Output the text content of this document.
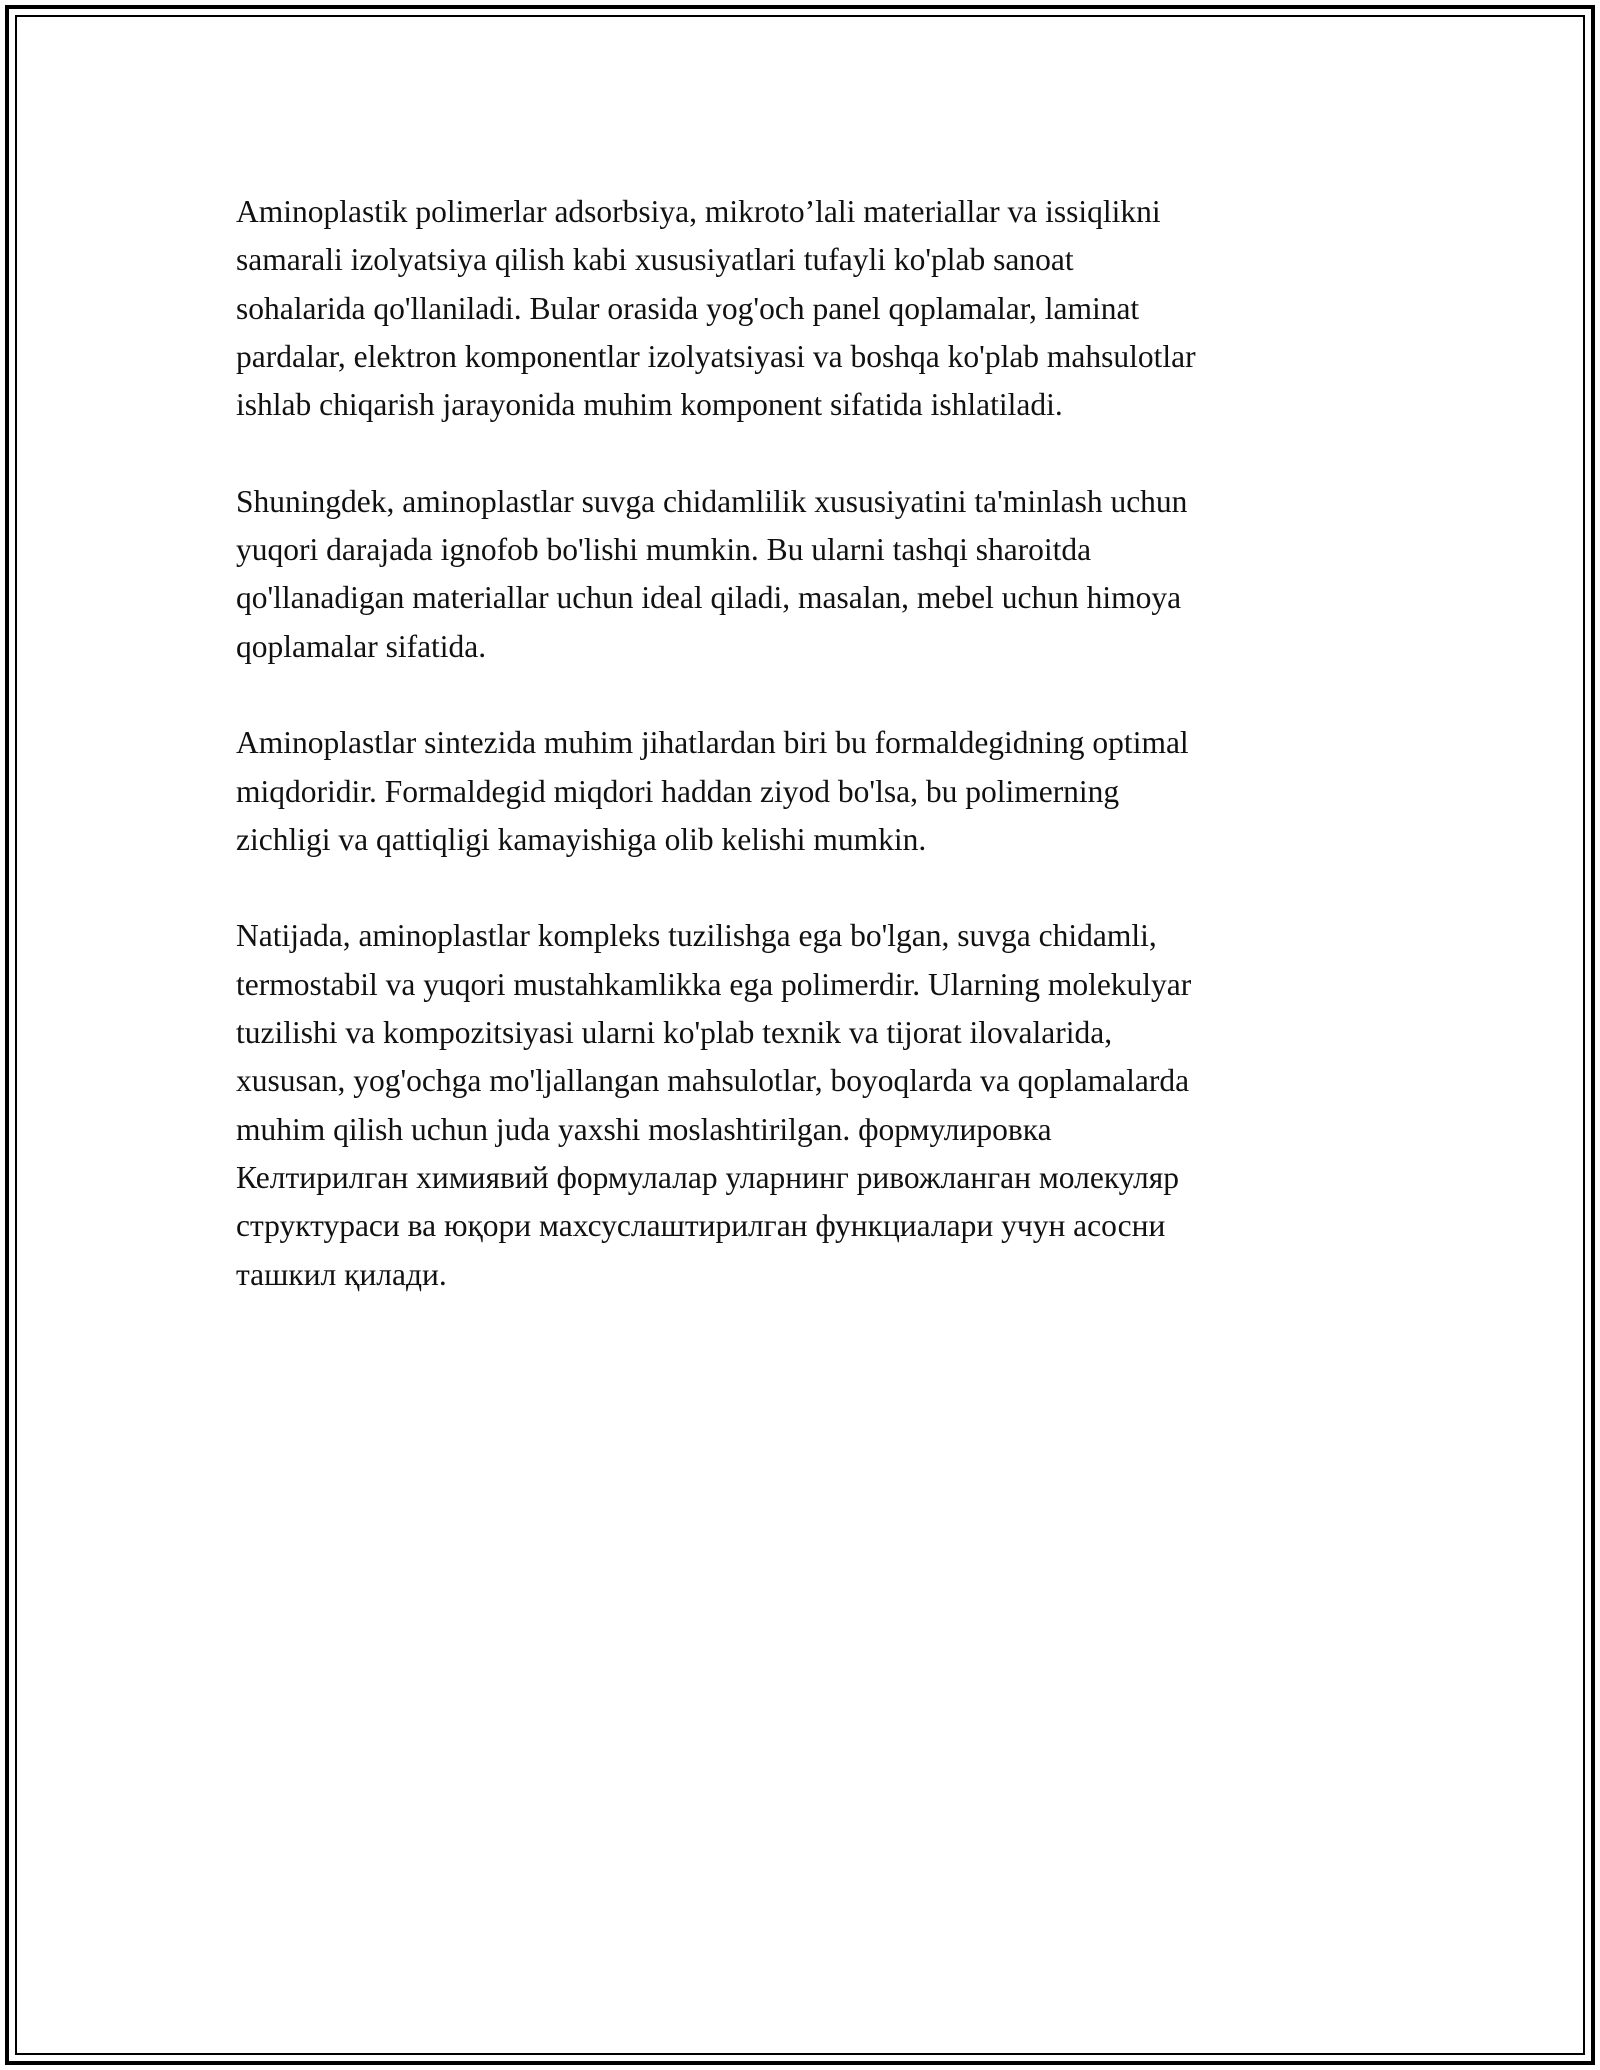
Aminoplastik polimerlar adsorbsiya, mikroto’lali materiallar va issiqlikni
samarali izolyatsiya qilish kabi xususiyatlari tufayli ko'plab sanoat
sohalarida qo'llaniladi. Bular orasida yog'och panel qoplamalar, laminat
pardalar, elektron komponentlar izolyatsiyasi va boshqa ko'plab mahsulotlar
ishlab chiqarish jarayonida muhim komponent sifatida ishlatiladi.

Shuningdek, aminoplastlar suvga chidamlilik xususiyatini ta'minlash uchun
yuqori darajada ignofob bo'lishi mumkin. Bu ularni tashqi sharoitda
qo'llanadigan materiallar uchun ideal qiladi, masalan, mebel uchun himoya
qoplamalar sifatida.

Aminoplastlar sintezida muhim jihatlardan biri bu formaldegidning optimal
miqdoridir. Formaldegid miqdori haddan ziyod bo'lsa, bu polimerning
zichligi va qattiqligi kamayishiga olib kelishi mumkin.

Natijada, aminoplastlar kompleks tuzilishga ega bo'lgan, suvga chidamli,
termostabil va yuqori mustahkamlikka ega polimerdir. Ularning molekulyar
tuzilishi va kompozitsiyasi ularni ko'plab texnik va tijorat ilovalarida,
xususan, yog'ochga mo'ljallangan mahsulotlar, boyoqlarda va qoplamalarda
muhim qilish uchun juda yaxshi moslashtirilgan. формулировка
Келтирилган химиявий формулалар уларнинг ривожланган молекуляр
структураси ва юқори махсуслаштирилган функциалари учун асосни
ташкил қилади.
